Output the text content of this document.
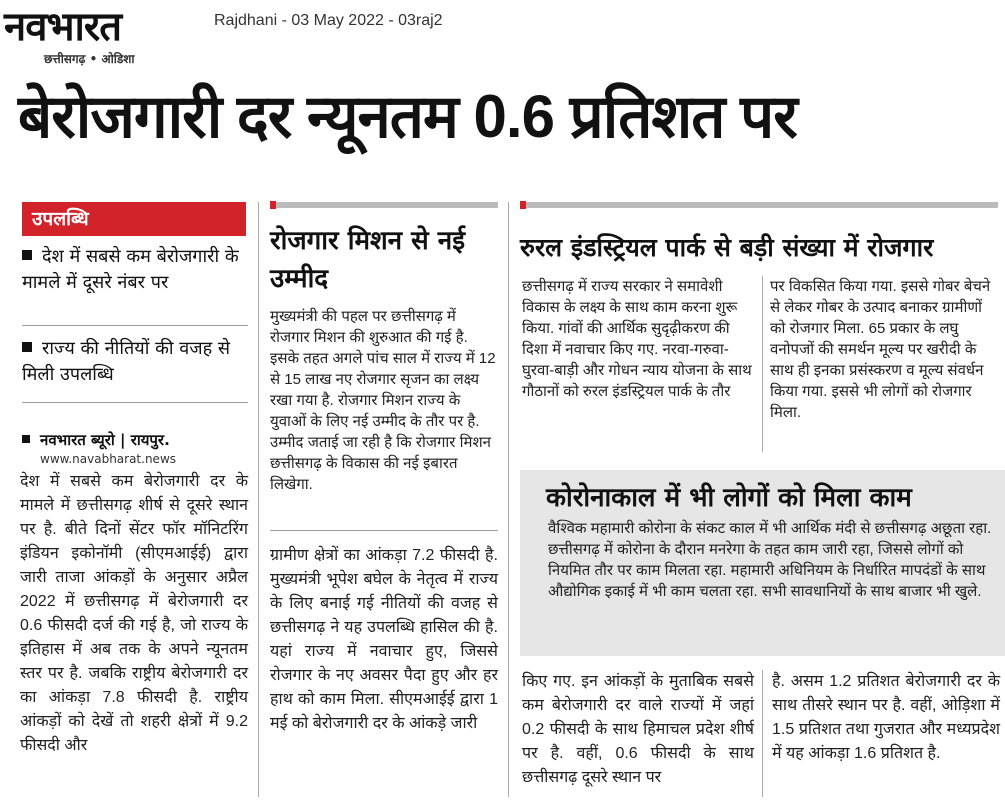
नवभारत
छत्तीसगढ़ • ओडिशा
Rajdhani - 03 May 2022 - 03raj2
बेरोजगारी दर न्यूनतम 0.6 प्रतिशत पर
उपलब्धि
देश में सबसे कम बेरोजगारी के मामले में दूसरे नंबर पर
राज्य की नीतियों की वजह से मिली उपलब्धि
नवभारत ब्यूरो | रायपुर.
www.navabharat.news
देश में सबसे कम बेरोजगारी दर के मामले में छत्तीसगढ़ शीर्ष से दूसरे स्थान पर है. बीते दिनों सेंटर फॉर मॉनिटरिंग इंडियन इकोनॉमी (सीएमआईई) द्वारा जारी ताजा आंकड़ों के अनुसार अप्रैल 2022 में छत्तीसगढ़ में बेरोजगारी दर 0.6 फीसदी दर्ज की गई है, जो राज्य के इतिहास में अब तक के अपने न्यूनतम स्तर पर है. जबकि राष्ट्रीय बेरोजगारी दर का आंकड़ा 7.8 फीसदी है. राष्ट्रीय आंकड़ों को देखें तो शहरी क्षेत्रों में 9.2 फीसदी और
रोजगार मिशन से नई उम्मीद
मुख्यमंत्री की पहल पर छत्तीसगढ़ में रोजगार मिशन की शुरुआत की गई है. इसके तहत अगले पांच साल में राज्य में 12 से 15 लाख नए रोजगार सृजन का लक्ष्य रखा गया है. रोजगार मिशन राज्य के युवाओं के लिए नई उम्मीद के तौर पर है. उम्मीद जताई जा रही है कि रोजगार मिशन छत्तीसगढ़ के विकास की नई इबारत लिखेगा.
ग्रामीण क्षेत्रों का आंकड़ा 7.2 फीसदी है. मुख्यमंत्री भूपेश बघेल के नेतृत्व में राज्य के लिए बनाई गई नीतियों की वजह से छत्तीसगढ़ ने यह उपलब्धि हासिल की है. यहां राज्य में नवाचार हुए, जिससे रोजगार के नए अवसर पैदा हुए और हर हाथ को काम मिला. सीएमआईई द्वारा 1 मई को बेरोजगारी दर के आंकड़े जारी
रुरल इंडस्ट्रियल पार्क से बड़ी संख्या में रोजगार
छत्तीसगढ़ में राज्य सरकार ने समावेशी विकास के लक्ष्य के साथ काम करना शुरू किया. गांवों की आर्थिक सुदृढ़ीकरण की दिशा में नवाचार किए गए. नरवा-गरुवा-घुरवा-बाड़ी और गोधन न्याय योजना के साथ गौठानों को रुरल इंडस्ट्रियल पार्क के तौर
पर विकसित किया गया. इससे गोबर बेचने से लेकर गोबर के उत्पाद बनाकर ग्रामीणों को रोजगार मिला. 65 प्रकार के लघु वनोपजों की समर्थन मूल्य पर खरीदी के साथ ही इनका प्रसंस्करण व मूल्य संवर्धन किया गया. इससे भी लोगों को रोजगार मिला.
कोरोनाकाल में भी लोगों को मिला काम
वैश्विक महामारी कोरोना के संकट काल में भी आर्थिक मंदी से छत्तीसगढ़ अछूता रहा. छत्तीसगढ़ में कोरोना के दौरान मनरेगा के तहत काम जारी रहा, जिससे लोगों को नियमित तौर पर काम मिलता रहा. महामारी अधिनियम के निर्धारित मापदंडों के साथ औद्योगिक इकाई में भी काम चलता रहा. सभी सावधानियों के साथ बाजार भी खुले.
किए गए. इन आंकड़ों के मुताबिक सबसे कम बेरोजगारी दर वाले राज्यों में जहां 0.2 फीसदी के साथ हिमाचल प्रदेश शीर्ष पर है. वहीं, 0.6 फीसदी के साथ छत्तीसगढ़ दूसरे स्थान पर
है. असम 1.2 प्रतिशत बेरोजगारी दर के साथ तीसरे स्थान पर है. वहीं, ओड़िशा में 1.5 प्रतिशत तथा गुजरात और मध्यप्रदेश में यह आंकड़ा 1.6 प्रतिशत है.
